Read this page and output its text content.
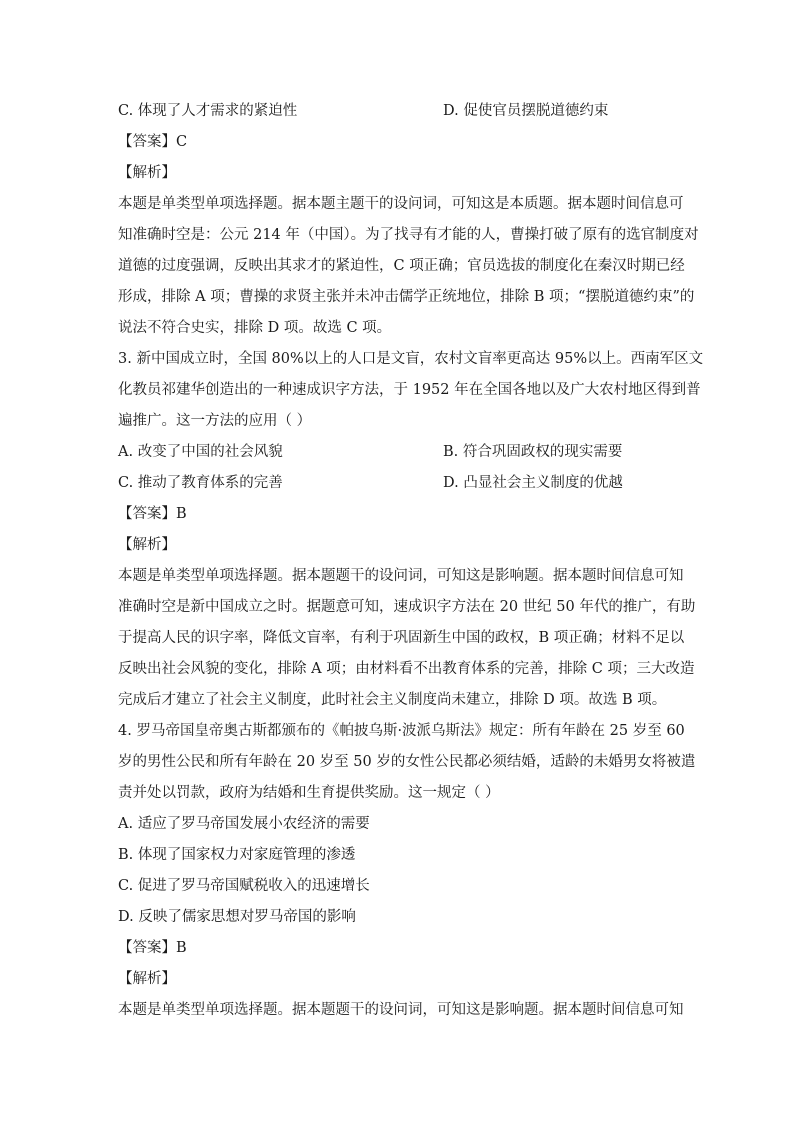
C. 体现了人才需求的紧迫性	D. 促使官员摆脱道德约束
【答案】C
【解析】
本题是单类型单项选择题。据本题主题干的设问词，可知这是本质题。据本题时间信息可
知准确时空是：公元 214 年（中国）。为了找寻有才能的人，曹操打破了原有的选官制度对
道德的过度强调，反映出其求才的紧迫性，C 项正确；官员选拔的制度化在秦汉时期已经
形成，排除 A 项；曹操的求贤主张并未冲击儒学正统地位，排除 B 项；“摆脱道德约束”的
说法不符合史实，排除 D 项。故选 C 项。
3. 新中国成立时，全国 80%以上的人口是文盲，农村文盲率更高达 95%以上。西南军区文
化教员祁建华创造出的一种速成识字方法，于 1952 年在全国各地以及广大农村地区得到普
遍推广。这一方法的应用（ ）
A. 改变了中国的社会风貌	B. 符合巩固政权的现实需要
C. 推动了教育体系的完善	D. 凸显社会主义制度的优越
【答案】B
【解析】
本题是单类型单项选择题。据本题题干的设问词，可知这是影响题。据本题时间信息可知
准确时空是新中国成立之时。据题意可知，速成识字方法在 20 世纪 50 年代的推广，有助
于提高人民的识字率，降低文盲率，有利于巩固新生中国的政权，B 项正确；材料不足以
反映出社会风貌的变化，排除 A 项；由材料看不出教育体系的完善，排除 C 项；三大改造
完成后才建立了社会主义制度，此时社会主义制度尚未建立，排除 D 项。故选 B 项。
4. 罗马帝国皇帝奥古斯都颁布的《帕披乌斯·波派乌斯法》规定：所有年龄在 25 岁至 60
岁的男性公民和所有年龄在 20 岁至 50 岁的女性公民都必须结婚，适龄的未婚男女将被遣
责并处以罚款，政府为结婚和生育提供奖励。这一规定（ ）
A. 适应了罗马帝国发展小农经济的需要
B. 体现了国家权力对家庭管理的渗透
C. 促进了罗马帝国赋税收入的迅速增长
D. 反映了儒家思想对罗马帝国的影响
【答案】B
【解析】
本题是单类型单项选择题。据本题题干的设问词，可知这是影响题。据本题时间信息可知
